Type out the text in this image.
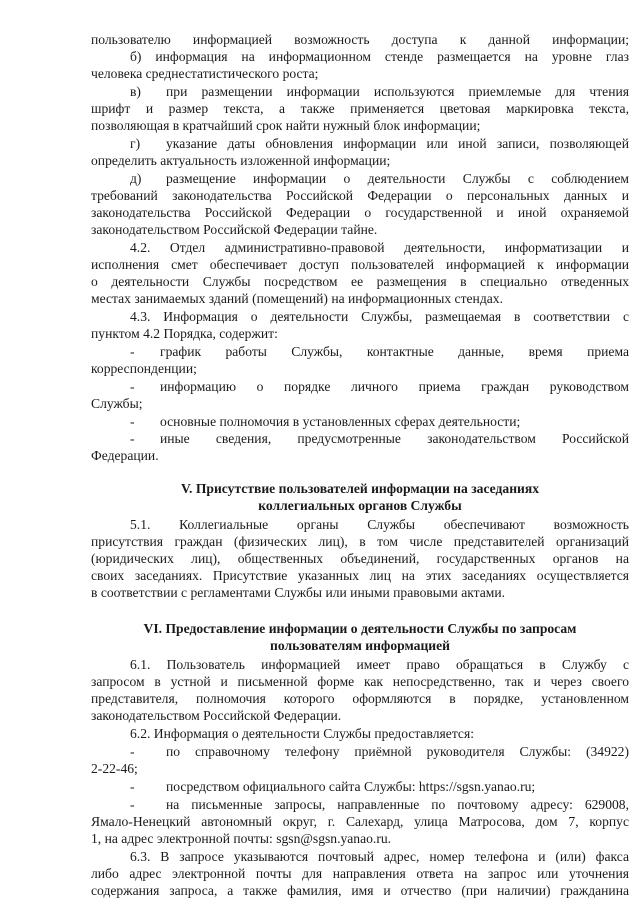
пользователю информацией возможность доступа к данной информации;
б) информация на информационном стенде размещается на уровне глаз
человека среднестатистического роста;
в) при размещении информации используются приемлемые для чтения
шрифт и размер текста, а также применяется цветовая маркировка текста,
позволяющая в кратчайший срок найти нужный блок информации;
г) указание даты обновления информации или иной записи, позволяющей
определить актуальность изложенной информации;
д) размещение информации о деятельности Службы с соблюдением
требований законодательства Российской Федерации о персональных данных и
законодательства Российской Федерации о государственной и иной охраняемой
законодательством Российской Федерации тайне.
4.2. Отдел административно-правовой деятельности, информатизации и
исполнения смет обеспечивает доступ пользователей информацией к информации
о деятельности Службы посредством ее размещения в специально отведенных
местах занимаемых зданий (помещений) на информационных стендах.
4.3. Информация о деятельности Службы, размещаемая в соответствии с
пунктом 4.2 Порядка, содержит:
- график работы Службы, контактные данные, время приема
корреспонденции;
- информацию о порядке личного приема граждан руководством
Службы;
- основные полномочия в установленных сферах деятельности;
- иные сведения, предусмотренные законодательством Российской
Федерации.
V. Присутствие пользователей информации на заседаниях
коллегиальных органов Службы
5.1. Коллегиальные органы Службы обеспечивают возможность
присутствия граждан (физических лиц), в том числе представителей организаций
(юридических лиц), общественных объединений, государственных органов на
своих заседаниях. Присутствие указанных лиц на этих заседаниях осуществляется
в соответствии с регламентами Службы или иными правовыми актами.
VI. Предоставление информации о деятельности Службы по запросам
пользователям информацией
6.1. Пользователь информацией имеет право обращаться в Службу с
запросом в устной и письменной форме как непосредственно, так и через своего
представителя, полномочия которого оформляются в порядке, установленном
законодательством Российской Федерации.
6.2. Информация о деятельности Службы предоставляется:
- по справочному телефону приёмной руководителя Службы: (34922)
2-22-46;
- посредством официального сайта Службы: https://sgsn.yanao.ru;
- на письменные запросы, направленные по почтовому адресу: 629008,
Ямало-Ненецкий автономный округ, г. Салехард, улица Матросова, дом 7, корпус
1, на адрес электронной почты: sgsn@sgsn.yanao.ru.
6.3. В запросе указываются почтовый адрес, номер телефона и (или) факса
либо адрес электронной почты для направления ответа на запрос или уточнения
содержания запроса, а также фамилия, имя и отчество (при наличии) гражданина
